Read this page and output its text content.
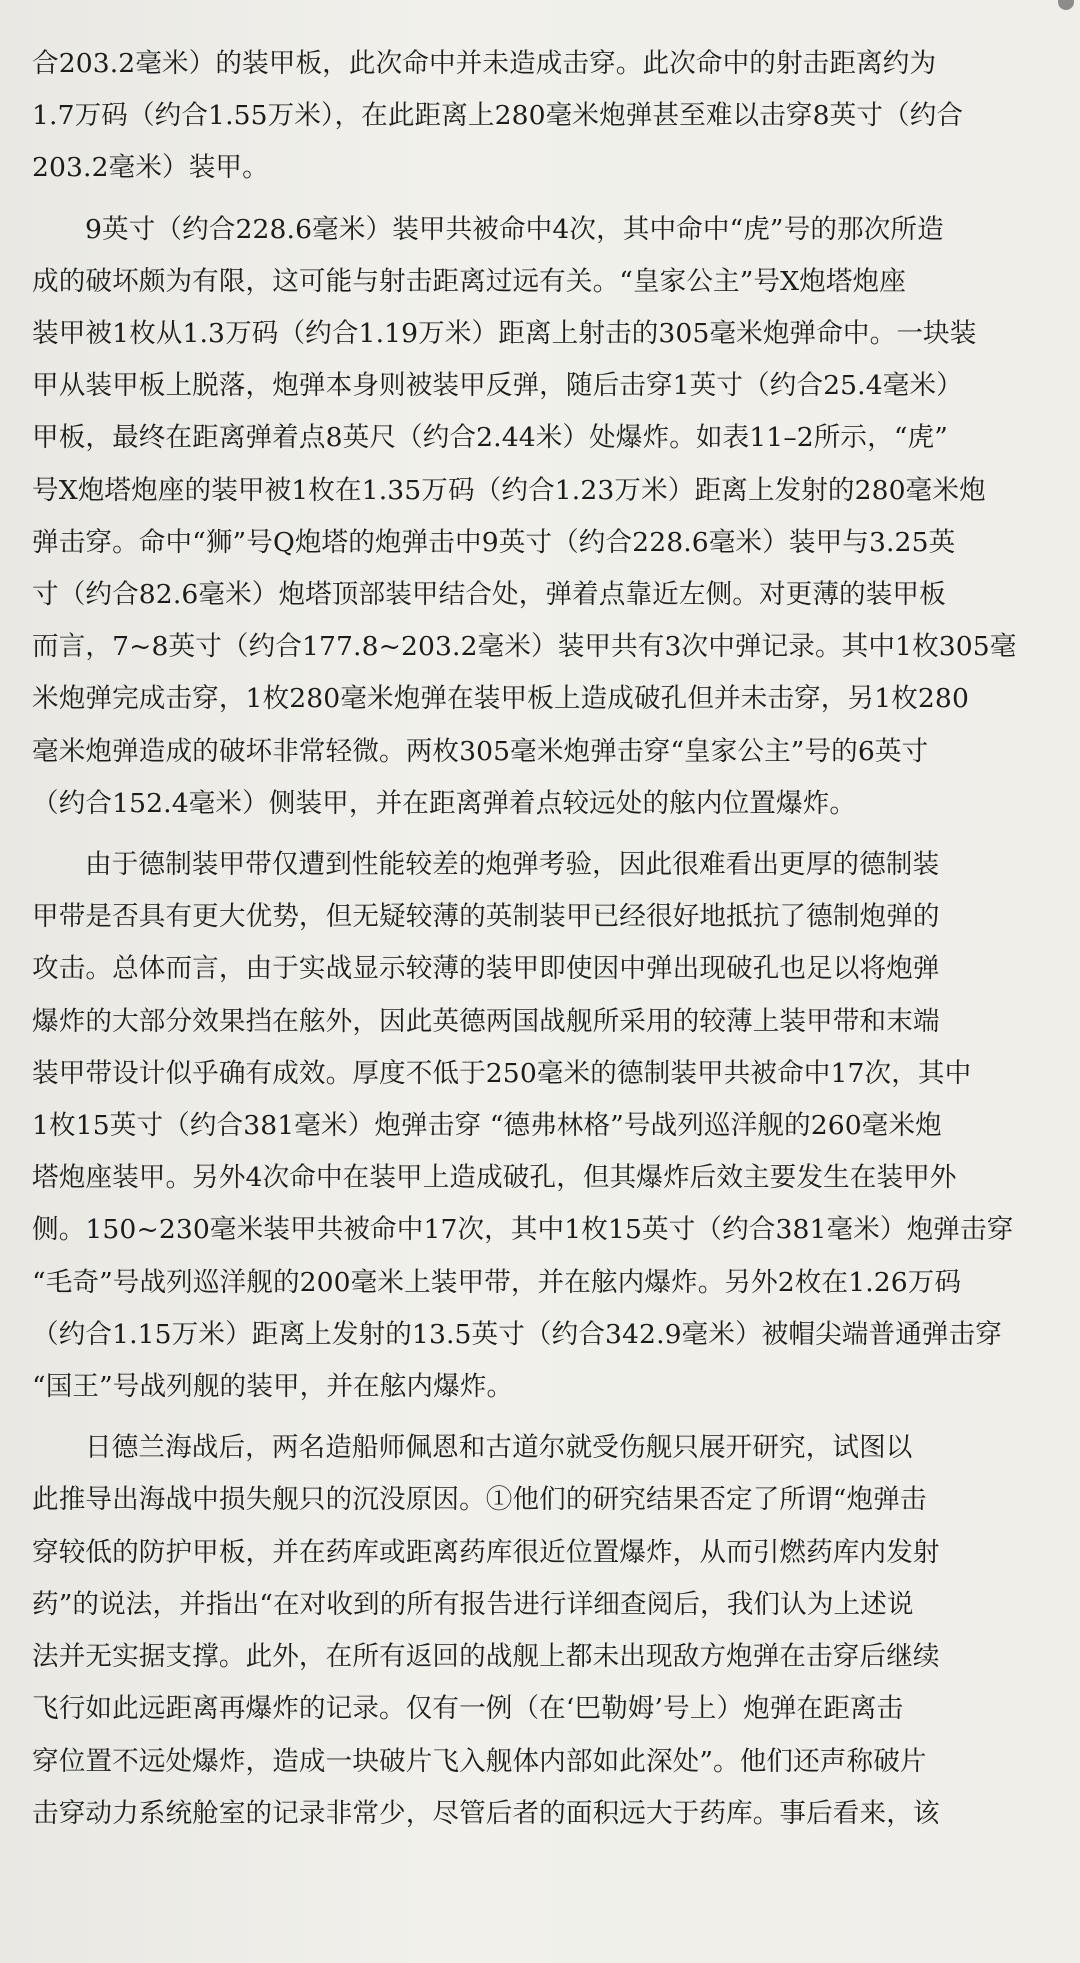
合203.2毫米）的装甲板，此次命中并未造成击穿。此次命中的射击距离约为
1.7万码（约合1.55万米），在此距离上280毫米炮弹甚至难以击穿8英寸（约合
203.2毫米）装甲。
9英寸（约合228.6毫米）装甲共被命中4次，其中命中“虎”号的那次所造
成的破坏颇为有限，这可能与射击距离过远有关。“皇家公主”号X炮塔炮座
装甲被1枚从1.3万码（约合1.19万米）距离上射击的305毫米炮弹命中。一块装
甲从装甲板上脱落，炮弹本身则被装甲反弹，随后击穿1英寸（约合25.4毫米）
甲板，最终在距离弹着点8英尺（约合2.44米）处爆炸。如表11–2所示，“虎”
号X炮塔炮座的装甲被1枚在1.35万码（约合1.23万米）距离上发射的280毫米炮
弹击穿。命中“狮”号Q炮塔的炮弹击中9英寸（约合228.6毫米）装甲与3.25英
寸（约合82.6毫米）炮塔顶部装甲结合处，弹着点靠近左侧。对更薄的装甲板
而言，7~8英寸（约合177.8~203.2毫米）装甲共有3次中弹记录。其中1枚305毫
米炮弹完成击穿，1枚280毫米炮弹在装甲板上造成破孔但并未击穿，另1枚280
毫米炮弹造成的破坏非常轻微。两枚305毫米炮弹击穿“皇家公主”号的6英寸
（约合152.4毫米）侧装甲，并在距离弹着点较远处的舷内位置爆炸。
由于德制装甲带仅遭到性能较差的炮弹考验，因此很难看出更厚的德制装
甲带是否具有更大优势，但无疑较薄的英制装甲已经很好地抵抗了德制炮弹的
攻击。总体而言，由于实战显示较薄的装甲即使因中弹出现破孔也足以将炮弹
爆炸的大部分效果挡在舷外，因此英德两国战舰所采用的较薄上装甲带和末端
装甲带设计似乎确有成效。厚度不低于250毫米的德制装甲共被命中17次，其中
1枚15英寸（约合381毫米）炮弹击穿 “德弗林格”号战列巡洋舰的260毫米炮
塔炮座装甲。另外4次命中在装甲上造成破孔，但其爆炸后效主要发生在装甲外
侧。150~230毫米装甲共被命中17次，其中1枚15英寸（约合381毫米）炮弹击穿
“毛奇”号战列巡洋舰的200毫米上装甲带，并在舷内爆炸。另外2枚在1.26万码
（约合1.15万米）距离上发射的13.5英寸（约合342.9毫米）被帽尖端普通弹击穿
“国王”号战列舰的装甲，并在舷内爆炸。
日德兰海战后，两名造船师佩恩和古道尔就受伤舰只展开研究，试图以
此推导出海战中损失舰只的沉没原因。①他们的研究结果否定了所谓“炮弹击
穿较低的防护甲板，并在药库或距离药库很近位置爆炸，从而引燃药库内发射
药”的说法，并指出“在对收到的所有报告进行详细查阅后，我们认为上述说
法并无实据支撑。此外，在所有返回的战舰上都未出现敌方炮弹在击穿后继续
飞行如此远距离再爆炸的记录。仅有一例（在‘巴勒姆’号上）炮弹在距离击
穿位置不远处爆炸，造成一块破片飞入舰体内部如此深处”。他们还声称破片
击穿动力系统舱室的记录非常少，尽管后者的面积远大于药库。事后看来，该
